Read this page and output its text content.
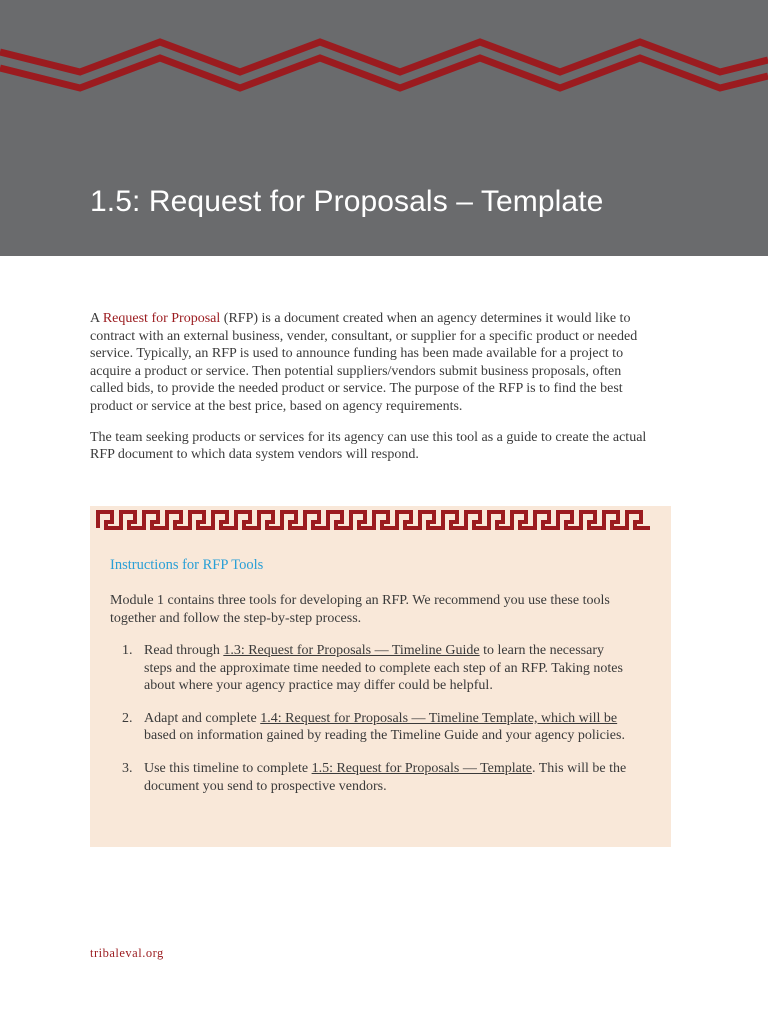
1.5: Request for Proposals – Template

A Request for Proposal (RFP) is a document created when an agency determines it would like to contract with an external business, vender, consultant, or supplier for a specific product or needed service. Typically, an RFP is used to announce funding has been made available for a project to acquire a product or service. Then potential suppliers/vendors submit business proposals, often called bids, to provide the needed product or service. The purpose of the RFP is to find the best product or service at the best price, based on agency requirements.

The team seeking products or services for its agency can use this tool as a guide to create the actual RFP document to which data system vendors will respond.

Instructions for RFP Tools

Module 1 contains three tools for developing an RFP. We recommend you use these tools together and follow the step-by-step process.

1. Read through 1.3: Request for Proposals — Timeline Guide to learn the necessary steps and the approximate time needed to complete each step of an RFP. Taking notes about where your agency practice may differ could be helpful.
2. Adapt and complete 1.4: Request for Proposals — Timeline Template, which will be based on information gained by reading the Timeline Guide and your agency policies.
3. Use this timeline to complete 1.5: Request for Proposals — Template. This will be the document you send to prospective vendors.
tribaleval.org
